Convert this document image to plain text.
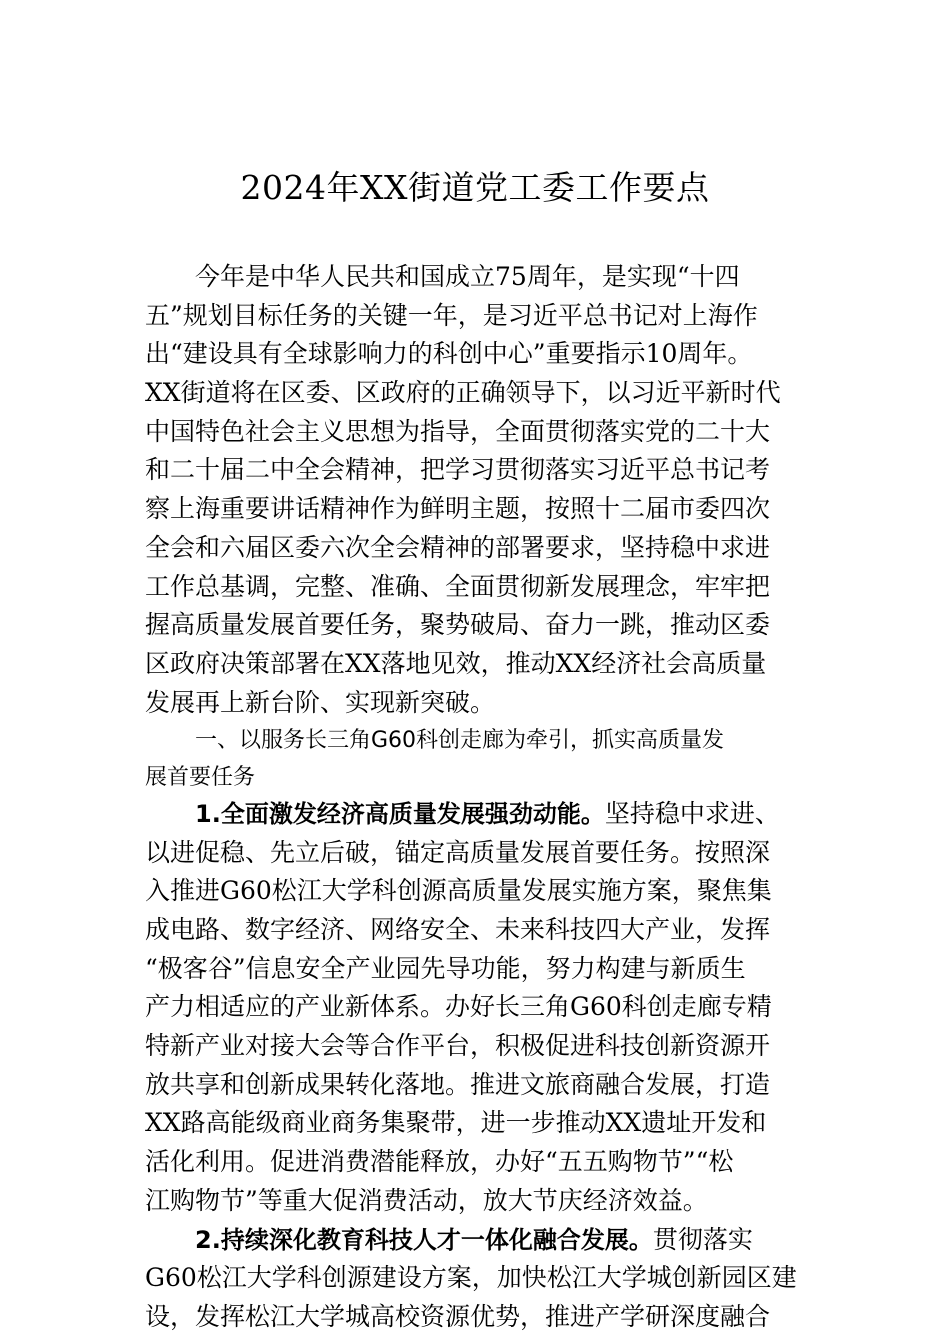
2024年XX街道党工委工作要点
今年是中华人民共和国成立75周年，是实现“十四
五”规划目标任务的关键一年，是习近平总书记对上海作
出“建设具有全球影响力的科创中心”重要指示10周年。
XX街道将在区委、区政府的正确领导下，以习近平新时代
中国特色社会主义思想为指导，全面贯彻落实党的二十大
和二十届二中全会精神，把学习贯彻落实习近平总书记考
察上海重要讲话精神作为鲜明主题，按照十二届市委四次
全会和六届区委六次全会精神的部署要求，坚持稳中求进
工作总基调，完整、准确、全面贯彻新发展理念，牢牢把
握高质量发展首要任务，聚势破局、奋力一跳，推动区委
区政府决策部署在XX落地见效，推动XX经济社会高质量
发展再上新台阶、实现新突破。
一、以服务长三角G60科创走廊为牵引，抓实高质量发
展首要任务
1.全面激发经济高质量发展强劲动能。坚持稳中求进、
以进促稳、先立后破，锚定高质量发展首要任务。按照深
入推进G60松江大学科创源高质量发展实施方案，聚焦集
成电路、数字经济、网络安全、未来科技四大产业，发挥
“极客谷”信息安全产业园先导功能，努力构建与新质生
产力相适应的产业新体系。办好长三角G60科创走廊专精
特新产业对接大会等合作平台，积极促进科技创新资源开
放共享和创新成果转化落地。推进文旅商融合发展，打造
XX路高能级商业商务集聚带，进一步推动XX遗址开发和
活化利用。促进消费潜能释放，办好“五五购物节”“松
江购物节”等重大促消费活动，放大节庆经济效益。
2.持续深化教育科技人才一体化融合发展。贯彻落实
G60松江大学科创源建设方案，加快松江大学城创新园区建
设，发挥松江大学城高校资源优势，推进产学研深度融合
